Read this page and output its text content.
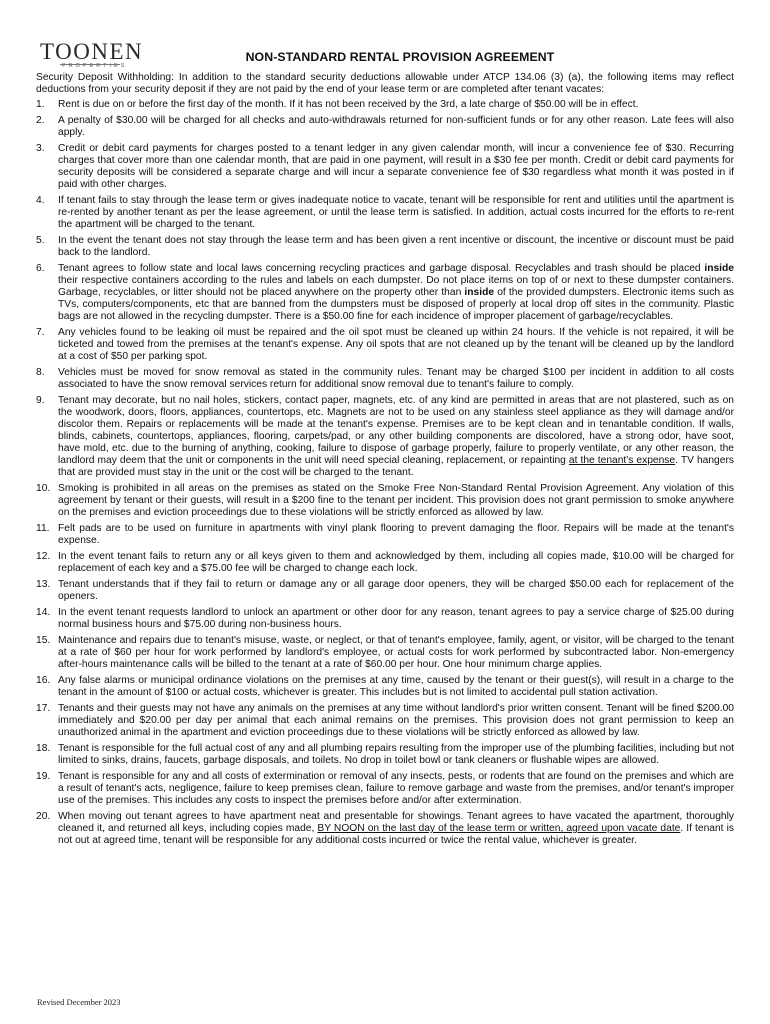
TOONEN
PROPERTIES
NON-STANDARD RENTAL PROVISION AGREEMENT

Security Deposit Withholding: In addition to the standard security deductions allowable under ATCP 134.06 (3) (a), the following items may reflect deductions from your security deposit if they are not paid by the end of your lease term or are completed after tenant vacates:

1. Rent is due on or before the first day of the month. If it has not been received by the 3rd, a late charge of $50.00 will be in effect.
2. A penalty of $30.00 will be charged for all checks and auto-withdrawals returned for non-sufficient funds or for any other reason. Late fees will also apply.
3. Credit or debit card payments for charges posted to a tenant ledger in any given calendar month, will incur a convenience fee of $30. Recurring charges that cover more than one calendar month, that are paid in one payment, will result in a $30 fee per month. Credit or debit card payments for security deposits will be considered a separate charge and will incur a separate convenience fee of $30 regardless what month it was posted in if paid with other charges.
4. If tenant fails to stay through the lease term or gives inadequate notice to vacate, tenant will be responsible for rent and utilities until the apartment is re-rented by another tenant as per the lease agreement, or until the lease term is satisfied. In addition, actual costs incurred for the efforts to re-rent the apartment will be charged to the tenant.
5. In the event the tenant does not stay through the lease term and has been given a rent incentive or discount, the incentive or discount must be paid back to the landlord.
6. Tenant agrees to follow state and local laws concerning recycling practices and garbage disposal. Recyclables and trash should be placed inside their respective containers according to the rules and labels on each dumpster. Do not place items on top of or next to these dumpster containers. Garbage, recyclables, or litter should not be placed anywhere on the property other than inside of the provided dumpsters. Electronic items such as TVs, computers/components, etc that are banned from the dumpsters must be disposed of properly at local drop off sites in the community. Plastic bags are not allowed in the recycling dumpster. There is a $50.00 fine for each incidence of improper placement of garbage/recyclables.
7. Any vehicles found to be leaking oil must be repaired and the oil spot must be cleaned up within 24 hours. If the vehicle is not repaired, it will be ticketed and towed from the premises at the tenant's expense. Any oil spots that are not cleaned up by the tenant will be cleaned up by the landlord at a cost of $50 per parking spot.
8. Vehicles must be moved for snow removal as stated in the community rules. Tenant may be charged $100 per incident in addition to all costs associated to have the snow removal services return for additional snow removal due to tenant's failure to comply.
9. Tenant may decorate, but no nail holes, stickers, contact paper, magnets, etc. of any kind are permitted in areas that are not plastered, such as on the woodwork, doors, floors, appliances, countertops, etc. Magnets are not to be used on any stainless steel appliance as they will damage and/or discolor them. Repairs or replacements will be made at the tenant's expense. Premises are to be kept clean and in tenantable condition. If walls, blinds, cabinets, countertops, appliances, flooring, carpets/pad, or any other building components are discolored, have a strong odor, have soot, have mold, etc. due to the burning of anything, cooking, failure to dispose of garbage properly, failure to properly ventilate, or any other reason, the landlord may deem that the unit or components in the unit will need special cleaning, replacement, or repainting at the tenant's expense. TV hangers that are provided must stay in the unit or the cost will be charged to the tenant.
10. Smoking is prohibited in all areas on the premises as stated on the Smoke Free Non-Standard Rental Provision Agreement. Any violation of this agreement by tenant or their guests, will result in a $200 fine to the tenant per incident. This provision does not grant permission to smoke anywhere on the premises and eviction proceedings due to these violations will be strictly enforced as allowed by law.
11. Felt pads are to be used on furniture in apartments with vinyl plank flooring to prevent damaging the floor. Repairs will be made at the tenant's expense.
12. In the event tenant fails to return any or all keys given to them and acknowledged by them, including all copies made, $10.00 will be charged for replacement of each key and a $75.00 fee will be charged to change each lock.
13. Tenant understands that if they fail to return or damage any or all garage door openers, they will be charged $50.00 each for replacement of the openers.
14. In the event tenant requests landlord to unlock an apartment or other door for any reason, tenant agrees to pay a service charge of $25.00 during normal business hours and $75.00 during non-business hours.
15. Maintenance and repairs due to tenant's misuse, waste, or neglect, or that of tenant's employee, family, agent, or visitor, will be charged to the tenant at a rate of $60 per hour for work performed by landlord's employee, or actual costs for work performed by subcontracted labor. Non-emergency after-hours maintenance calls will be billed to the tenant at a rate of $60.00 per hour. One hour minimum charge applies.
16. Any false alarms or municipal ordinance violations on the premises at any time, caused by the tenant or their guest(s), will result in a charge to the tenant in the amount of $100 or actual costs, whichever is greater. This includes but is not limited to accidental pull station activation.
17. Tenants and their guests may not have any animals on the premises at any time without landlord's prior written consent. Tenant will be fined $200.00 immediately and $20.00 per day per animal that each animal remains on the premises. This provision does not grant permission to keep an unauthorized animal in the apartment and eviction proceedings due to these violations will be strictly enforced as allowed by law.
18. Tenant is responsible for the full actual cost of any and all plumbing repairs resulting from the improper use of the plumbing facilities, including but not limited to sinks, drains, faucets, garbage disposals, and toilets. No drop in toilet bowl or tank cleaners or flushable wipes are allowed.
19. Tenant is responsible for any and all costs of extermination or removal of any insects, pests, or rodents that are found on the premises and which are a result of tenant's acts, negligence, failure to keep premises clean, failure to remove garbage and waste from the premises, and/or tenant's improper use of the premises. This includes any costs to inspect the premises before and/or after extermination.
20. When moving out tenant agrees to have apartment neat and presentable for showings. Tenant agrees to have vacated the apartment, thoroughly cleaned it, and returned all keys, including copies made, BY NOON on the last day of the lease term or written, agreed upon vacate date. If tenant is not out at agreed time, tenant will be responsible for any additional costs incurred or twice the rental value, whichever is greater.
Revised December 2023
